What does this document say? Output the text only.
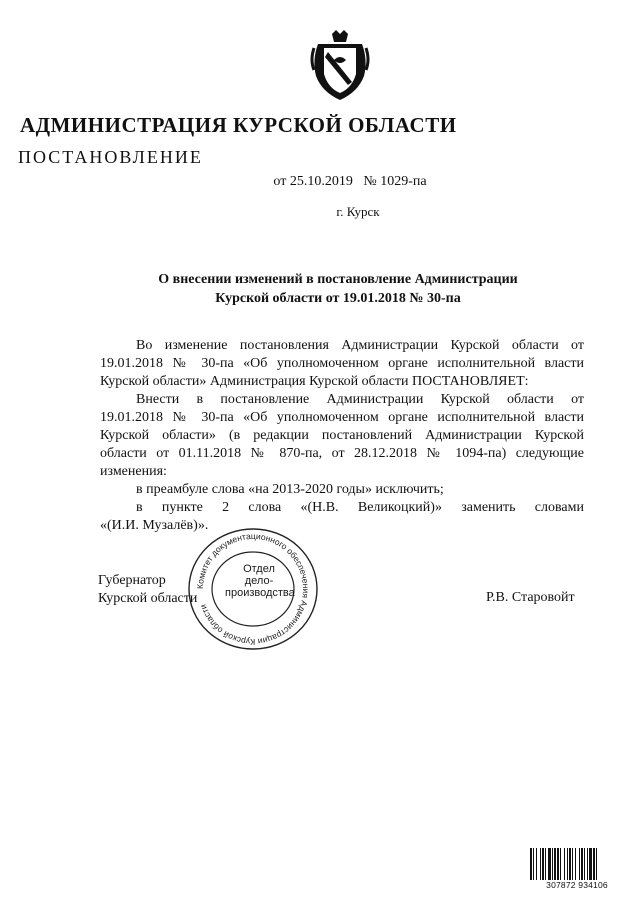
АДМИНИСТРАЦИЯ КУРСКОЙ ОБЛАСТИ
ПОСТАНОВЛЕНИЕ
от 25.10.2019   № 1029-па
г. Курск
О внесении изменений в постановление Администрации
Курской области от 19.01.2018 № 30-па
Во изменение постановления Администрации Курской области от
19.01.2018 № 30-па «Об уполномоченном органе исполнительной власти
Курской области» Администрация Курской области ПОСТАНОВЛЯЕТ:
Внести в постановление Администрации Курской области от
19.01.2018 № 30-па «Об уполномоченном органе исполнительной власти
Курской области» (в редакции постановлений Администрации Курской
области от 01.11.2018 № 870-па, от 28.12.2018 № 1094-па) следующие
изменения:
в преамбуле слова «на 2013-2020 годы» исключить;
в пункте 2 слова «(Н.В. Великоцкий)» заменить словами
«(И.И. Музалёв)».
Губернатор
Курской области	Р.В. Старовойт
Комитет документационного обеспечения Администрации Курской области
Отдел
дело-
производства
307872 934106
